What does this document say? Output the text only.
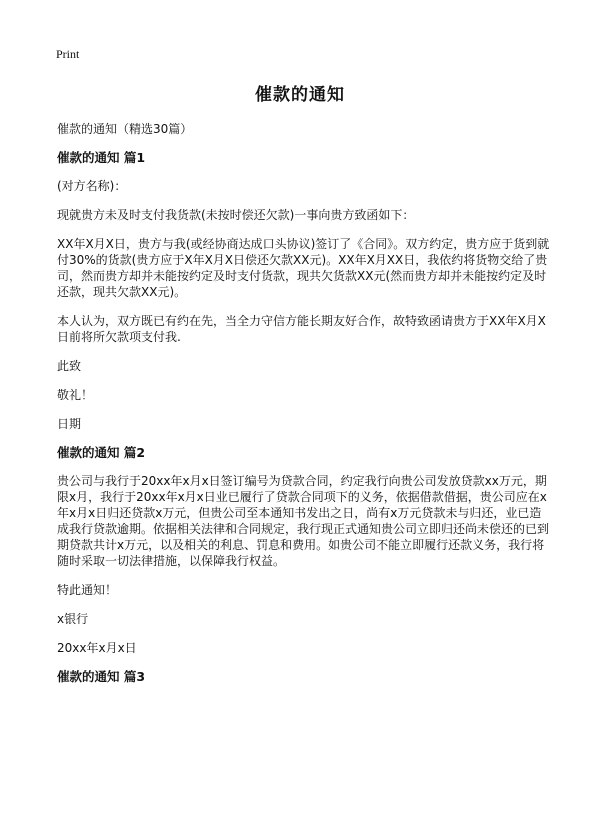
Print
催款的通知
催款的通知（精选30篇）
催款的通知 篇1
(对方名称)：
现就贵方未及时支付我货款(未按时偿还欠款)一事向贵方致函如下：
XX年X月X日，贵方与我(或经协商达成口头协议)签订了《合同》。双方约定，贵方应于货到就付30%的货款(贵方应于X年X月X日偿还欠款XX元)。XX年X月XX日，我依约将货物交给了贵司，然而贵方却并未能按约定及时支付货款，现共欠货款XX元(然而贵方却并未能按约定及时还款，现共欠款XX元)。
本人认为，双方既已有约在先，当全力守信方能长期友好合作，故特致函请贵方于XX年X月X日前将所欠款项支付我.
此致
敬礼！
日期
催款的通知 篇2
贵公司与我行于20xx年x月x日签订编号为贷款合同，约定我行向贵公司发放贷款xx万元，期限x月，我行于20xx年x月x日业已履行了贷款合同项下的义务，依据借款借据，贵公司应在x年x月x日归还贷款x万元，但贵公司至本通知书发出之日，尚有x万元贷款未与归还，业已造成我行贷款逾期。依据相关法律和合同规定，我行现正式通知贵公司立即归还尚未偿还的已到期贷款共计x万元，以及相关的利息、罚息和费用。如贵公司不能立即履行还款义务，我行将随时采取一切法律措施，以保障我行权益。
特此通知！
x银行
20xx年x月x日
催款的通知 篇3
